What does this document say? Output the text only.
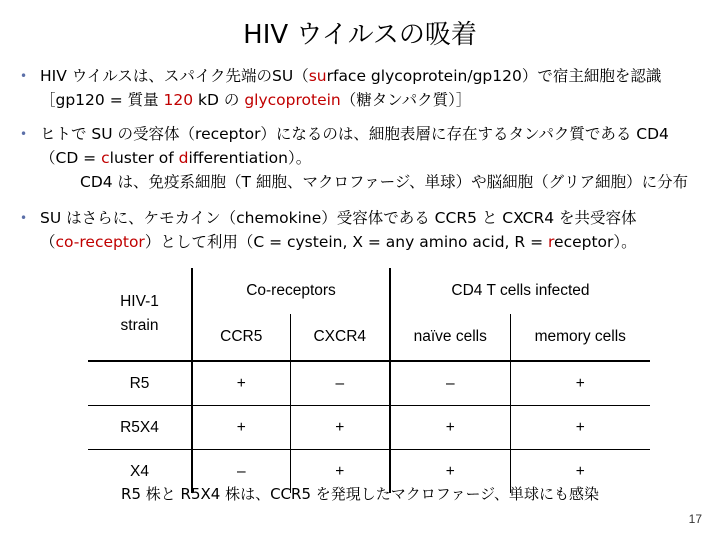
HIV ウイルスの吸着
• HIV ウイルスは、スパイク先端のSU（surface glycoprotein/gp120）で宿主細胞を認識
［gp120 = 質量 120 kD の glycoprotein（糖タンパク質）］
• ヒトで SU の受容体（receptor）になるのは、細胞表層に存在するタンパク質である CD4
（CD = cluster of differentiation）。
CD4 は、免疫系細胞（T 細胞、マクロファージ、単球）や脳細胞（グリア細胞）に分布
• SU はさらに、ケモカイン（chemokine）受容体である CCR5 と CXCR4 を共受容体
（co-receptor）として利用（C = cystein, X = any amino acid, R = receptor）。
HIV-1 strain	Co-receptors		CD4 T cells infected	
	CCR5	CXCR4	naïve cells	memory cells
R5	+	–	–	+
R5X4	+	+	+	+
X4	–	+	+	+
R5 株と R5X4 株は、CCR5 を発現したマクロファージ、単球にも感染
17
